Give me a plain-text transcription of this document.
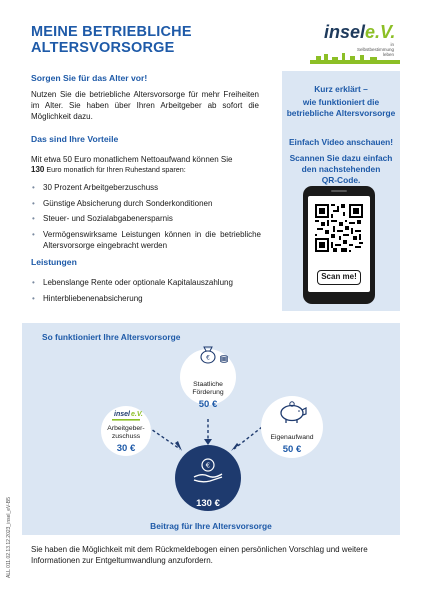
MEINE BETRIEBLICHE
ALTERSVORSORGE
insele.V.
in Selbstbestimmung leben
Sorgen Sie für das Alter vor!
Nutzen Sie die betriebliche Altersvorsorge für mehr Freiheiten im Alter. Sie haben über Ihren Arbeitgeber ab sofort die Möglichkeit dazu.
Das sind Ihre Vorteile
Mit etwa 50 Euro monatlichem Nettoaufwand können Sie
130 Euro monatlich für Ihren Ruhestand sparen:
• 30 Prozent Arbeitgeberzuschuss
• Günstige Absicherung durch Sonderkonditionen
• Steuer- und Sozialabgabenersparnis
• Vermögenswirksame Leistungen können in die betriebliche Altersvorsorge eingebracht werden
Leistungen
• Lebenslange Rente oder optionale Kapitalauszahlung
• Hinterbliebenenabsicherung
Kurz erklärt –
wie funktioniert die
betriebliche Altersvorsorge
Einfach Video anschauen!
Scannen Sie dazu einfach
den nachstehenden
QR-Code.
Scan me!
So funktioniert Ihre Altersvorsorge
€
insel e.V.
€
Staatliche
Förderung
50 €
Arbeitgeber-
zuschuss
30 €
Eigenaufwand
50 €
130 €
Beitrag für Ihre Altersvorsorge
Sie haben die Möglichkeit mit dem Rückmeldebogen einen persönlichen Vorschlag und weitere Informationen zur Entgeltumwandlung anzufordern.
ALL 011.02.13.12.2023_insel_eV-B5
